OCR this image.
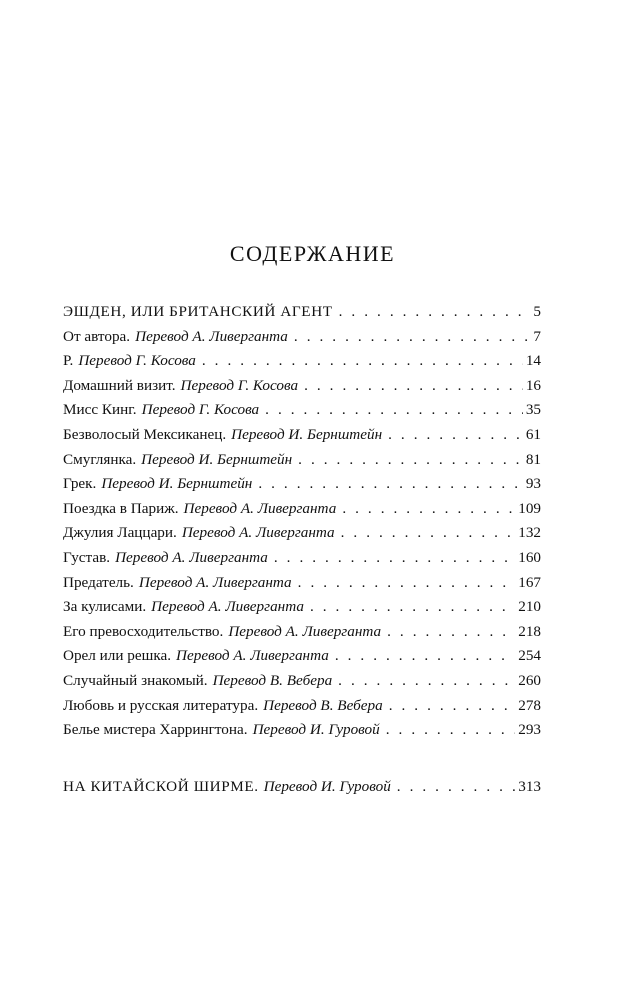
СОДЕРЖАНИЕ
ЭШДЕН, ИЛИ БРИТАНСКИЙ АГЕНТ . . .	5
От автора. Перевод А. Ливерганта . . .	7
Р. Перевод Г. Косова . . .	14
Домашний визит. Перевод Г. Косова . . .	16
Мисс Кинг. Перевод Г. Косова . . .	35
Безволосый Мексиканец. Перевод И. Бернштейн . . .	61
Смуглянка. Перевод И. Бернштейн . . .	81
Грек. Перевод И. Бернштейн . . .	93
Поездка в Париж. Перевод А. Ливерганта . . .	109
Джулия Лаццари. Перевод А. Ливерганта . . .	132
Густав. Перевод А. Ливерганта . . .	160
Предатель. Перевод А. Ливерганта . . .	167
За кулисами. Перевод А. Ливерганта . . .	210
Его превосходительство. Перевод А. Ливерганта . . .	218
Орел или решка. Перевод А. Ливерганта . . .	254
Случайный знакомый. Перевод В. Вебера . . .	260
Любовь и русская литература. Перевод В. Вебера . . .	278
Белье мистера Харрингтона. Перевод И. Гуровой . . .	293
НА КИТАЙСКОЙ ШИРМЕ. Перевод И. Гуровой . . .	313
